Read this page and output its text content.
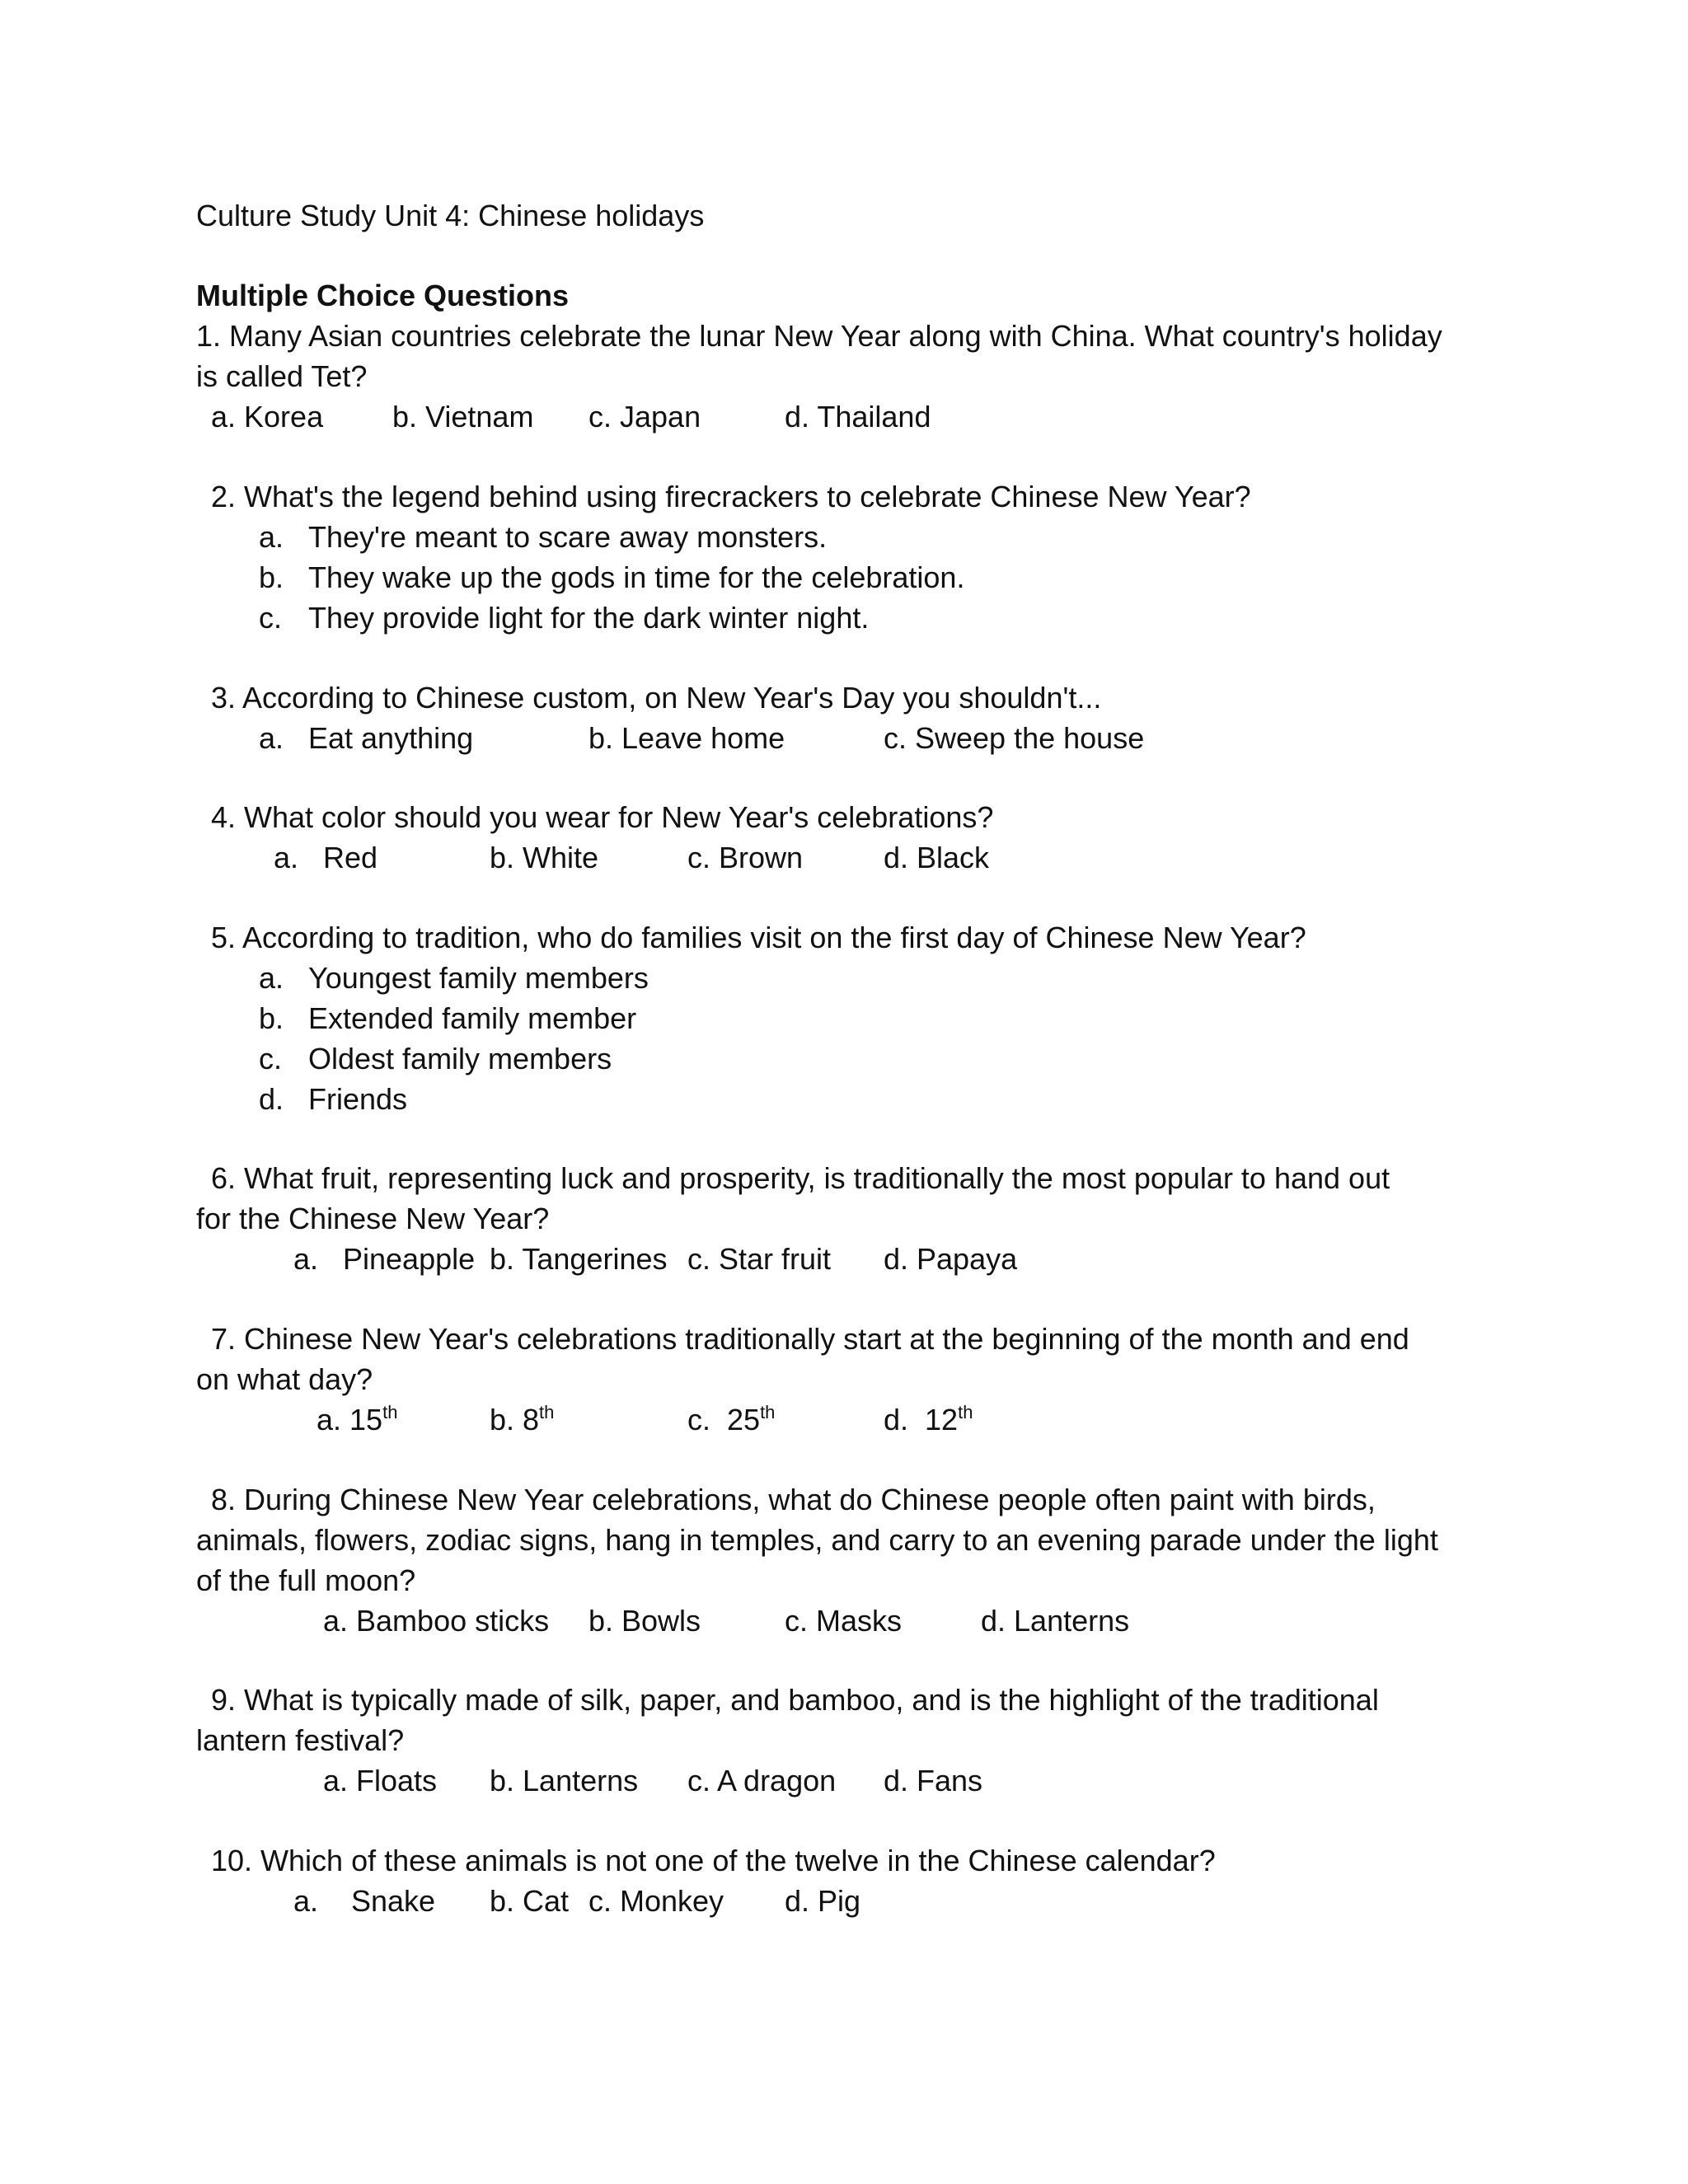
Culture Study Unit 4: Chinese holidays
Multiple Choice Questions
1. Many Asian countries celebrate the lunar New Year along with China. What country's holiday
is called Tet?
a. Korea b. Vietnam c. Japan	d. Thailand
2. What's the legend behind using firecrackers to celebrate Chinese New Year?
a. They're meant to scare away monsters.
b. They wake up the gods in time for the celebration.
c. They provide light for the dark winter night.
3. According to Chinese custom, on New Year's Day you shouldn't...
a. Eat anything	b. Leave home	c. Sweep the house
4. What color should you wear for New Year's celebrations?
a. Red	b. White	c. Brown	d. Black
5. According to tradition, who do families visit on the first day of Chinese New Year?
a. Youngest family members
b. Extended family member
c. Oldest family members
d. Friends
6. What fruit, representing luck and prosperity, is traditionally the most popular to hand out
for the Chinese New Year?
a. Pineapple b. Tangerines c. Star fruit d. Papaya
7. Chinese New Year's celebrations traditionally start at the beginning of the month and end
on what day?
a. 15th	b. 8th	c.  25th	d.  12th
8. During Chinese New Year celebrations, what do Chinese people often paint with birds,
animals, flowers, zodiac signs, hang in temples, and carry to an evening parade under the light
of the full moon?
a. Bamboo sticks b. Bowls	c. Masks	d. Lanterns
9. What is typically made of silk, paper, and bamboo, and is the highlight of the traditional
lantern festival?
a. Floats b. Lanterns c. A dragon d. Fans
10. Which of these animals is not one of the twelve in the Chinese calendar?
a. Snake b. Cat c. Monkey d. Pig
